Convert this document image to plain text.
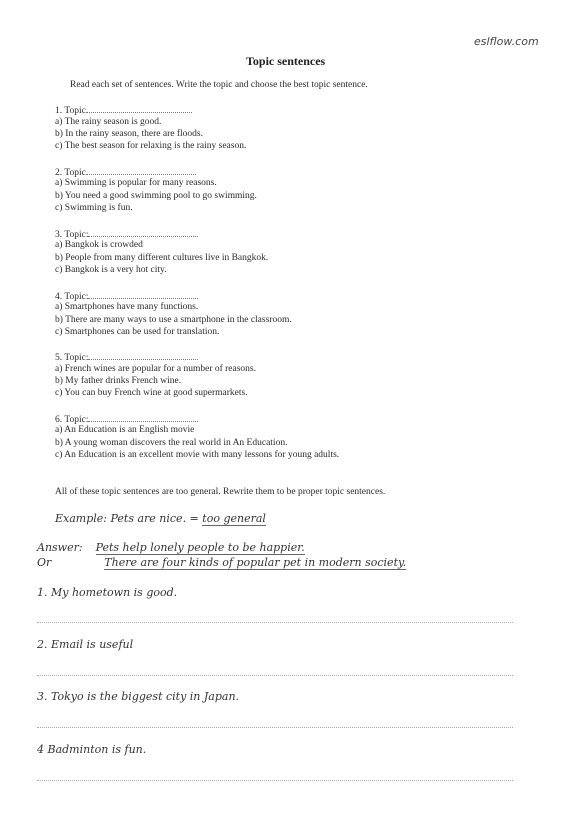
eslflow.com
Topic sentences
Read each set of sentences. Write the topic and choose the best topic sentence.
1. Topic
a) The rainy season is good.
b) In the rainy season, there are floods.
c) The best season for relaxing is the rainy season.
2. Topic
a) Swimming is popular for many reasons.
b) You need a good swimming pool to go swimming.
c) Swimming is fun.
3. Topic:
a) Bangkok is crowded
b) People from many different cultures live in Bangkok.
c) Bangkok is a very hot city.
4. Topic:
a) Smartphones have many functions.
b) There are many ways to use a smartphone in the classroom.
c) Smartphones can be used for translation.
5. Topic:
a) French wines are popular for a number of reasons.
b) My father drinks French wine.
c) You can buy French wine at good supermarkets.
6. Topic:
a) An Education is an English movie
b) A young woman discovers the real world in An Education.
c) An Education is an excellent movie with many lessons for young adults.
All of these topic sentences are too general. Rewrite them to be proper topic sentences.
Example: Pets are nice. = too general
Answer: Pets help lonely people to be happier.
Or	There are four kinds of popular pet in modern society.
1. My hometown is good.
2. Email is useful
3. Tokyo is the biggest city in Japan.
4 Badminton is fun.
